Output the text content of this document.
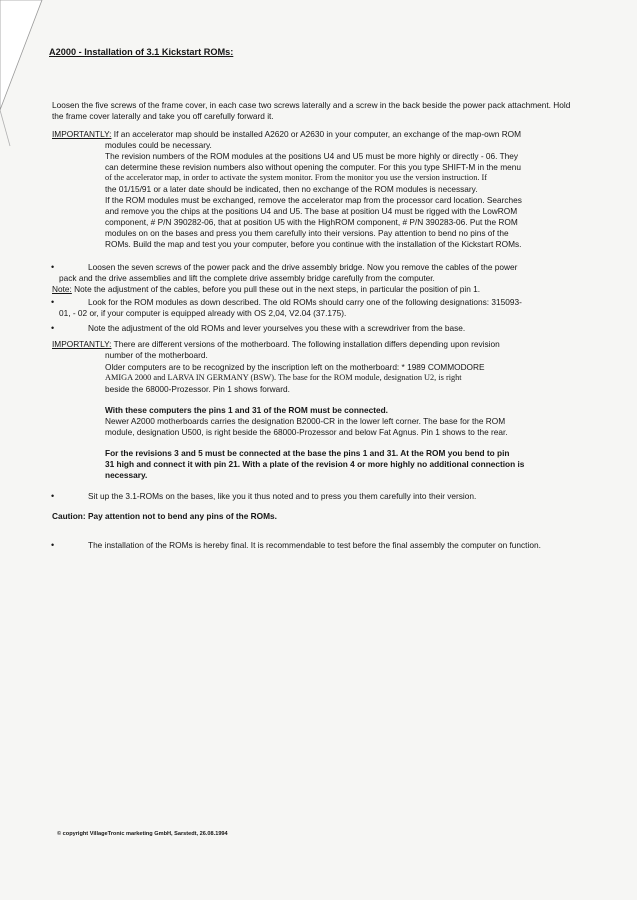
A2000 - Installation of 3.1 Kickstart ROMs:

Loosen the five screws of the frame cover, in each case two screws laterally and a screw in the back beside the power pack attachment. Hold the frame cover laterally and take you off carefully forward it.

IMPORTANTLY: If an accelerator map should be installed A2620 or A2630 in your computer, an exchange of the map-own ROM

modules could be necessary.

The revision numbers of the ROM modules at the positions U4 and U5 must be more highly or directly - 06. They

can determine these revision numbers also without opening the computer. For this you type SHIFT-M in the menu

of the accelerator map, in order to activate the system monitor. From the monitor you use the version instruction. If

the 01/15/91 or a later date should be indicated, then no exchange of the ROM modules is necessary.

If the ROM modules must be exchanged, remove the accelerator map from the processor card location. Searches

and remove you the chips at the positions U4 and U5. The base at position U4 must be rigged with the LowROM

component, # P/N 390282-06, that at position U5 with the HighROM component, # P/N 390283-06. Put the ROM

modules on on the bases and press you them carefully into their versions. Pay attention to bend no pins of the

ROMs. Build the map and test you your computer, before you continue with the installation of the Kickstart ROMs.

•	Loosen the seven screws of the power pack and the drive assembly bridge. Now you remove the cables of the power

pack and the drive assemblies and lift the complete drive assembly bridge carefully from the computer.

Note: Note the adjustment of the cables, before you pull these out in the next steps, in particular the position of pin 1.

•	Look for the ROM modules as down described. The old ROMs should carry one of the following designations: 315093-

01, - 02 or, if your computer is equipped already with OS 2,04, V2.04 (37.175).

•	Note the adjustment of the old ROMs and lever yourselves you these with a screwdriver from the base.

IMPORTANTLY: There are different versions of the motherboard. The following installation differs depending upon revision

number of the motherboard.

Older computers are to be recognized by the inscription left on the motherboard: * 1989 COMMODORE

AMIGA 2000 and LARVA IN GERMANY (BSW). The base for the ROM module, designation U2, is right

beside the 68000-Prozessor. Pin 1 shows forward.

With these computers the pins 1 and 31 of the ROM must be connected.

Newer A2000 motherboards carries the designation B2000-CR in the lower left corner. The base for the ROM

module, designation U500, is right beside the 68000-Prozessor and below Fat Agnus. Pin 1 shows to the rear.

For the revisions 3 and 5 must be connected at the base the pins 1 and 31. At the ROM you bend to pin

31 high and connect it with pin 21. With a plate of the revision 4 or more highly no additional connection is

necessary.

•	Sit up the 3.1-ROMs on the bases, like you it thus noted and to press you them carefully into their version.

Caution: Pay attention not to bend any pins of the ROMs.

•	The installation of the ROMs is hereby final. It is recommendable to test before the final assembly the computer on function.

© copyright VillageTronic marketing GmbH, Sarstedt, 26.08.1994
